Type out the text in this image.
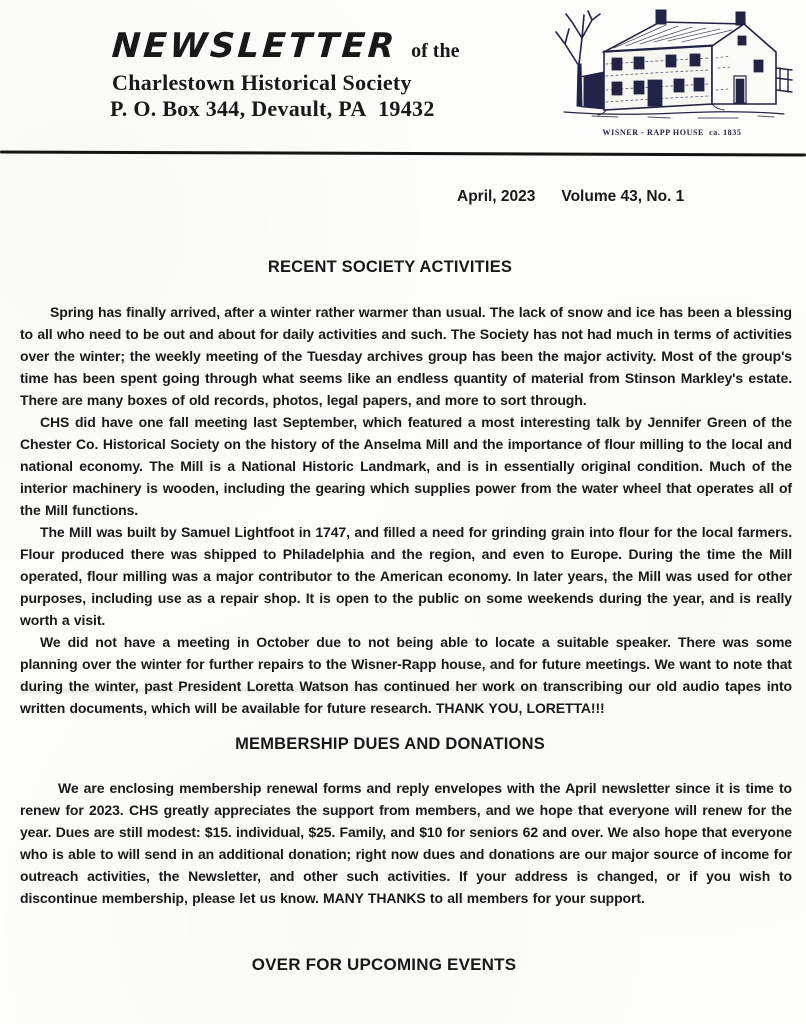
NEWSLETTER of the
Charlestown Historical Society
P. O. Box 344, Devault, PA  19432
WISNER - RAPP HOUSE  ca. 1835
April, 2023 Volume 43, No. 1
RECENT SOCIETY ACTIVITIES

Spring has finally arrived, after a winter rather warmer than usual. The lack of snow and ice has been a blessing to all who need to be out and about for daily activities and such. The Society has not had much in terms of activities over the winter; the weekly meeting of the Tuesday archives group has been the major activity. Most of the group's time has been spent going through what seems like an endless quantity of material from Stinson Markley's estate. There are many boxes of old records, photos, legal papers, and more to sort through.

CHS did have one fall meeting last September, which featured a most interesting talk by Jennifer Green of the Chester Co. Historical Society on the history of the Anselma Mill and the importance of flour milling to the local and national economy. The Mill is a National Historic Landmark, and is in essentially original condition. Much of the interior machinery is wooden, including the gearing which supplies power from the water wheel that operates all of the Mill functions.

The Mill was built by Samuel Lightfoot in 1747, and filled a need for grinding grain into flour for the local farmers. Flour produced there was shipped to Philadelphia and the region, and even to Europe. During the time the Mill operated, flour milling was a major contributor to the American economy. In later years, the Mill was used for other purposes, including use as a repair shop. It is open to the public on some weekends during the year, and is really worth a visit.

We did not have a meeting in October due to not being able to locate a suitable speaker. There was some planning over the winter for further repairs to the Wisner-Rapp house, and for future meetings. We want to note that during the winter, past President Loretta Watson has continued her work on transcribing our old audio tapes into written documents, which will be available for future research. THANK YOU, LORETTA!!!

MEMBERSHIP DUES AND DONATIONS

We are enclosing membership renewal forms and reply envelopes with the April newsletter since it is time to renew for 2023. CHS greatly appreciates the support from members, and we hope that everyone will renew for the year. Dues are still modest: $15. individual, $25. Family, and $10 for seniors 62 and over. We also hope that everyone who is able to will send in an additional donation; right now dues and donations are our major source of income for outreach activities, the Newsletter, and other such activities. If your address is changed, or if you wish to discontinue membership, please let us know. MANY THANKS to all members for your support.

OVER FOR UPCOMING EVENTS
